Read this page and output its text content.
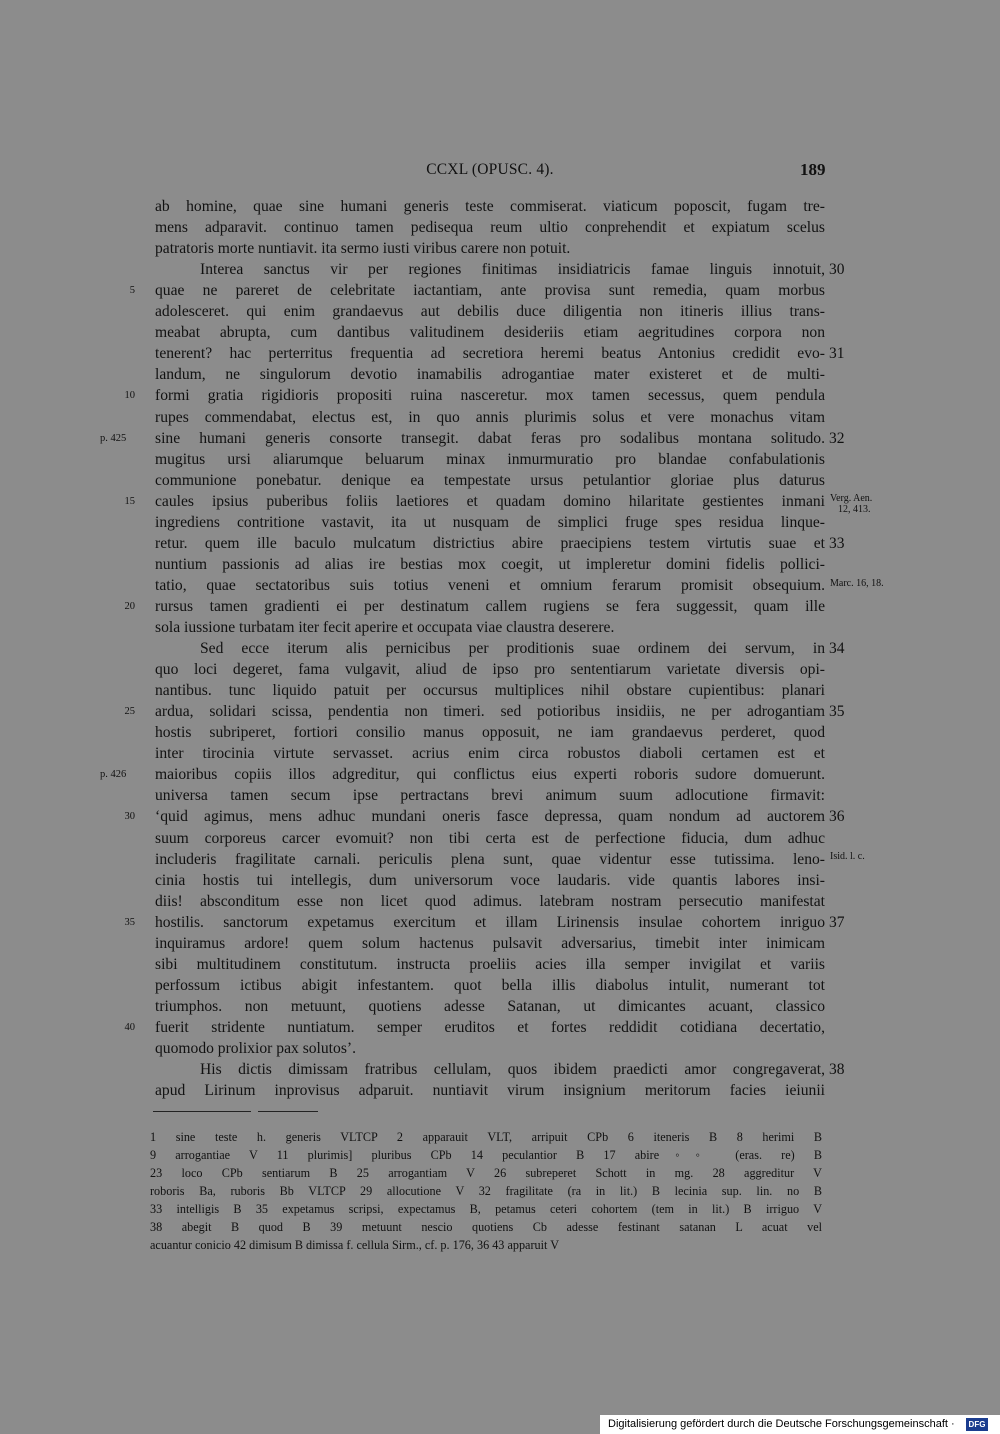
CCXL (OPUSC. 4).	189
ab homine, quae sine humani generis teste commiserat. viaticum poposcit, fugam tre-
mens adparavit. continuo tamen pedisequa reum ultio conprehendit et expiatum scelus
patratoris morte nuntiavit. ita sermo iusti viribus carere non potuit.
Interea sanctus vir per regiones finitimas insidiatricis famae linguis innotuit, 30
quae ne pareret de celebritate iactantiam, ante provisa sunt remedia, quam morbus
5
adolesceret. qui enim grandaevus aut debilis duce diligentia non itineris illius trans-
meabat abrupta, cum dantibus valitudinem desideriis etiam aegritudines corpora non
tenerent? hac perterritus frequentia ad secretiora heremi beatus Antonius credidit evo- 31
landum, ne singulorum devotio inamabilis adrogantiae mater existeret et de multi-
formi gratia rigidioris propositi ruina nasceretur. mox tamen secessus, quem pendula
10
rupes commendabat, electus est, in quo annis plurimis solus et vere monachus vitam
sine humani generis consorte transegit. dabat feras pro sodalibus montana solitudo.
p. 425	32
mugitus ursi aliarumque beluarum minax inmurmuratio pro blandae confabulationis
communione ponebatur. denique ea tempestate ursus petulantior gloriae plus daturus
caules ipsius puberibus foliis laetiores et quadam domino hilaritate gestientes inmani
15
ingrediens contritione vastavit, ita ut nusquam de simplici fruge spes residua linque-
retur. quem ille baculo mulcatum districtius abire praecipiens testem virtutis suae et 33
nuntium passionis ad alias ire bestias mox coegit, ut impleretur domini fidelis pollici-
tatio, quae sectatoribus suis totius veneni et omnium ferarum promisit obsequium.
rursus tamen gradienti ei per destinatum callem rugiens se fera suggessit, quam ille
20
sola iussione turbatam iter fecit aperire et occupata viae claustra deserere.
Sed ecce iterum alis pernicibus per proditionis suae ordinem dei servum, in 34
quo loci degeret, fama vulgavit, aliud de ipso pro sententiarum varietate diversis opi-
nantibus. tunc liquido patuit per occursus multiplices nihil obstare cupientibus: planari
ardua, solidari scissa, pendentia non timeri. sed potioribus insidiis, ne per adrogantiam
25	35
hostis subriperet, fortiori consilio manus opposuit, ne iam grandaevus perderet, quod
inter tirocinia virtute servasset. acrius enim circa robustos diaboli certamen est et
maioribus copiis illos adgreditur, qui conflictus eius experti roboris sudore domuerunt.
p. 426
universa tamen secum ipse pertractans brevi animum suum adlocutione firmavit:
‘quid agimus, mens adhuc mundani oneris fasce depressa, quam nondum ad auctorem
30	36
suum corporeus carcer evomuit? non tibi certa est de perfectione fiducia, dum adhuc
includeris fragilitate carnali. periculis plena sunt, quae videntur esse tutissima. leno-
cinia hostis tui intellegis, dum universorum voce laudaris. vide quantis labores insi-
diis! absconditum esse non licet quod adimus. latebram nostram persecutio manifestat
hostilis. sanctorum expetamus exercitum et illam Lirinensis insulae cohortem inriguo
35	37
inquiramus ardore! quem solum hactenus pulsavit adversarius, timebit inter inimicam
sibi multitudinem constitutum. instructa proeliis acies illa semper invigilat et variis
perfossum ictibus abigit infestantem. quot bella illis diabolus intulit, numerant tot
triumphos. non metuunt, quotiens adesse Satanan, ut dimicantes acuant, classico
fuerit stridente nuntiatum. semper eruditos et fortes reddidit cotidiana decertatio,
40
quomodo prolixior pax solutos’.
His dictis dimissam fratribus cellulam, quos ibidem praedicti amor congregaverat, 38
apud Lirinum inprovisus adparuit. nuntiavit virum insignium meritorum facies ieiunii
Verg. Aen.
12, 413.
Marc. 16, 18.
Isid. l. c.
1 sine teste h. generis VLTCP 2 apparauit VLT, arripuit CPb 6 iteneris B 8 herimi B
9 arrogantiae V 11 plurimis] pluribus CPb 14 peculantior B 17 abire◦◦ (eras. re) B
23 loco CPb sentiarum B 25 arrogantiam V 26 subreperet Schott in mg. 28 aggreditur V
roboris Ba, ruboris Bb VLTCP 29 allocutione V 32 fragilitate (ra in lit.) B lecinia sup. lin. no B
33 intelligis B 35 expetamus scripsi, expectamus B, petamus ceteri cohortem (tem in lit.) B irriguo V
38 abegit B quod B 39 metuunt nescio quotiens Cb adesse festinant satanan L acuat vel
acuantur conicio 42 dimisum B dimissa f. cellula Sirm., cf. p. 176, 36 43 apparuit V
Digitalisierung gefördert durch die Deutsche Forschungsgemeinschaft ·	DFG
